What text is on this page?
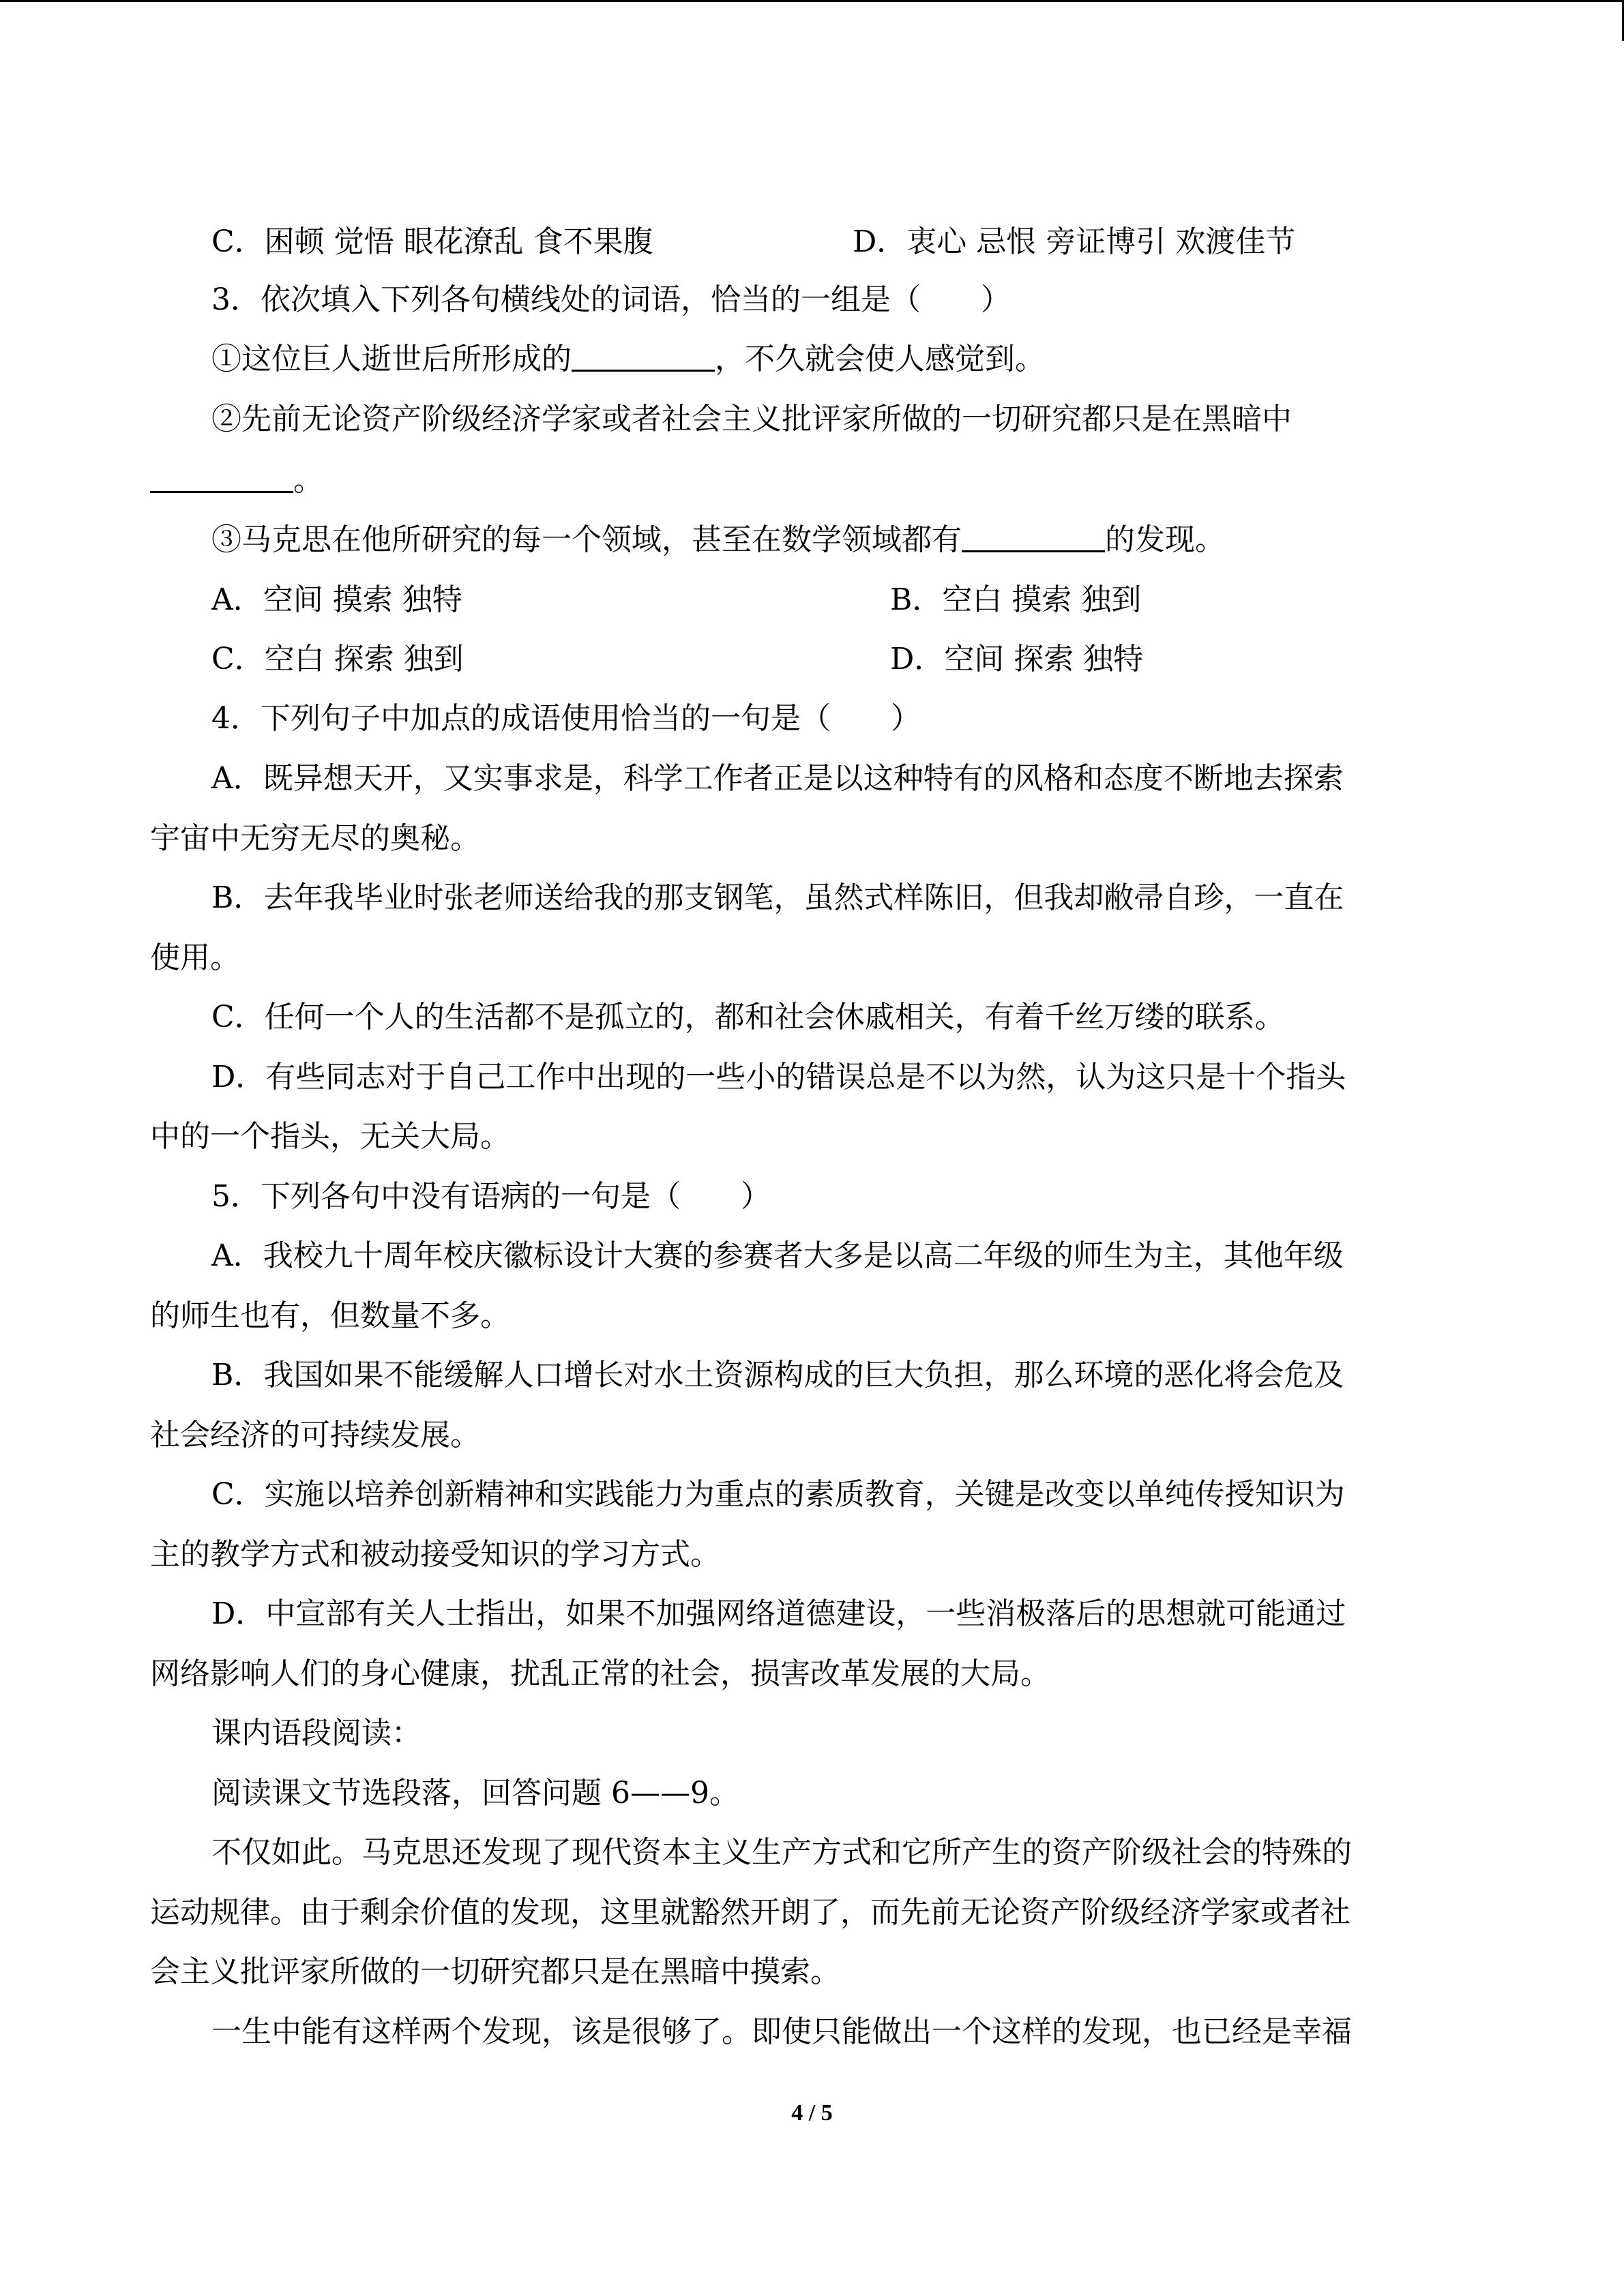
C．困顿 觉悟 眼花潦乱 食不果腹	D．衷心 忌恨 旁证博引 欢渡佳节
3．依次填入下列各句横线处的词语，恰当的一组是（　　）
①这位巨人逝世后所形成的	，不久就会使人感觉到。
②先前无论资产阶级经济学家或者社会主义批评家所做的一切研究都只是在黑暗中
。
③马克思在他所研究的每一个领域，甚至在数学领域都有	的发现。
A．空间 摸索 独特	B．空白 摸索 独到
C．空白 探索 独到	D．空间 探索 独特
4．下列句子中加点的成语使用恰当的一句是（　　）
A．既异想天开，又实事求是，科学工作者正是以这种特有的风格和态度不断地去探索
宇宙中无穷无尽的奥秘。
B．去年我毕业时张老师送给我的那支钢笔，虽然式样陈旧，但我却敝帚自珍，一直在
使用。
C．任何一个人的生活都不是孤立的，都和社会休戚相关，有着千丝万缕的联系。
D．有些同志对于自己工作中出现的一些小的错误总是不以为然，认为这只是十个指头
中的一个指头，无关大局。
5．下列各句中没有语病的一句是（　　）
A．我校九十周年校庆徽标设计大赛的参赛者大多是以高二年级的师生为主，其他年级
的师生也有，但数量不多。
B．我国如果不能缓解人口增长对水土资源构成的巨大负担，那么环境的恶化将会危及
社会经济的可持续发展。
C．实施以培养创新精神和实践能力为重点的素质教育，关键是改变以单纯传授知识为
主的教学方式和被动接受知识的学习方式。
D．中宣部有关人士指出，如果不加强网络道德建设，一些消极落后的思想就可能通过
网络影响人们的身心健康，扰乱正常的社会，损害改革发展的大局。
课内语段阅读：
阅读课文节选段落，回答问题 6——9。
不仅如此。马克思还发现了现代资本主义生产方式和它所产生的资产阶级社会的特殊的
运动规律。由于剩余价值的发现，这里就豁然开朗了，而先前无论资产阶级经济学家或者社
会主义批评家所做的一切研究都只是在黑暗中摸索。
一生中能有这样两个发现，该是很够了。即使只能做出一个这样的发现，也已经是幸福
4 / 5
